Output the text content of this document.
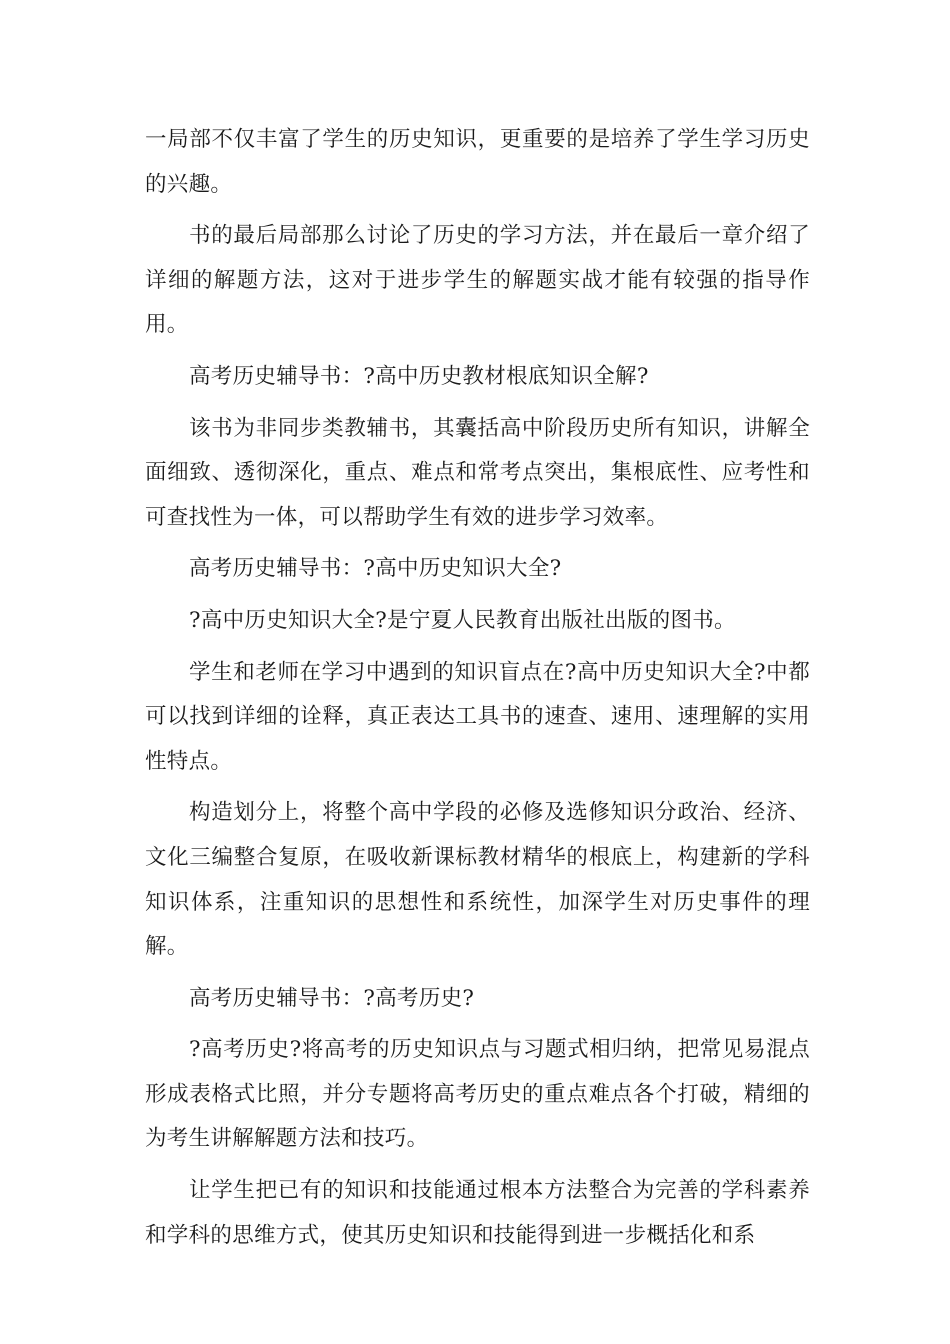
一局部不仅丰富了学生的历史知识，更重要的是培养了学生学习历史的兴趣。

书的最后局部那么讨论了历史的学习方法，并在最后一章介绍了详细的解题方法，这对于进步学生的解题实战才能有较强的指导作用。

高考历史辅导书：?高中历史教材根底知识全解?

该书为非同步类教辅书，其囊括高中阶段历史所有知识，讲解全面细致、透彻深化，重点、难点和常考点突出，集根底性、应考性和可查找性为一体，可以帮助学生有效的进步学习效率。

高考历史辅导书：?高中历史知识大全?

?高中历史知识大全?是宁夏人民教育出版社出版的图书。

学生和老师在学习中遇到的知识盲点在?高中历史知识大全?中都可以找到详细的诠释，真正表达工具书的速查、速用、速理解的实用性特点。

构造划分上，将整个高中学段的必修及选修知识分政治、经济、文化三编整合复原，在吸收新课标教材精华的根底上，构建新的学科知识体系，注重知识的思想性和系统性，加深学生对历史事件的理解。

高考历史辅导书：?高考历史?

?高考历史?将高考的历史知识点与习题式相归纳，把常见易混点形成表格式比照，并分专题将高考历史的重点难点各个打破，精细的为考生讲解解题方法和技巧。

让学生把已有的知识和技能通过根本方法整合为完善的学科素养和学科的思维方式，使其历史知识和技能得到进一步概括化和系
